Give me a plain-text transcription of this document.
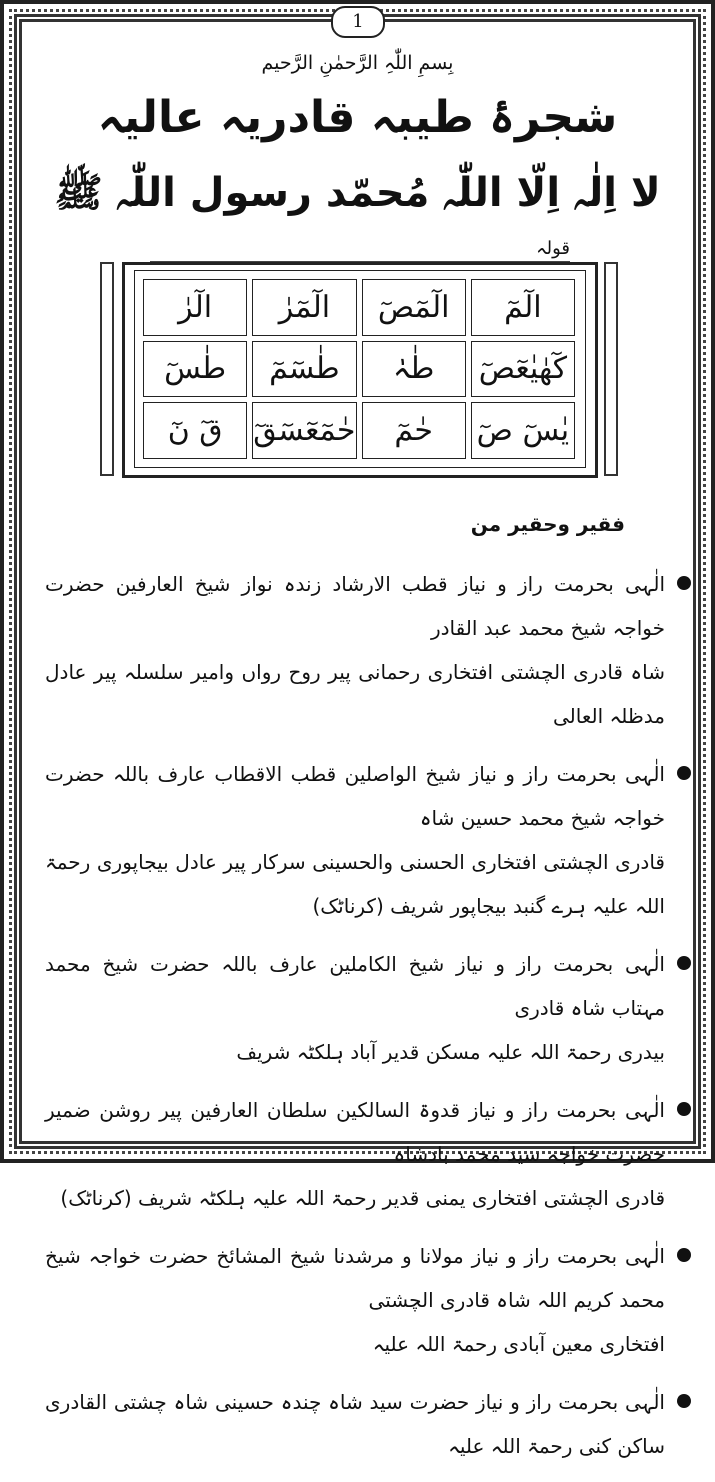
1
بِسمِ اللّٰہِ الرَّحمٰنِ الرَّحیم
شجرۂ طیبہ قادریہ عالیہ
لا اِلٰہ اِلّا اللّٰہ مُحمّد رسول اللّٰہ ﷺ
قولہ
الٓرٰ	الٓمٓرٰ	الٓمٓصٓ	الٓمٓ
طٰسٓ	طٰسٓمٓ	طٰہٰ	کٓھٰیٰعٓصٓ
قٓ نٓ	حٰمٓعٓسٓقٓ	حٰمٓ	یٰسٓ صٓ
فقیر وحقیر من
الٰہی بحرمت راز و نیاز قطب الارشاد زندہ نواز شیخ العارفین حضرت خواجہ شیخ محمد عبد القادر
شاہ قادری الچشتی افتخاری رحمانی پیر روح رواں وامیر سلسلہ پیر عادل مدظلہ العالی
الٰہی بحرمت راز و نیاز شیخ الواصلین قطب الاقطاب عارف باللہ حضرت خواجہ شیخ محمد حسین شاہ
قادری الچشتی افتخاری الحسنی والحسینی سرکار پیر عادل بیجاپوری رحمۃ اللہ علیہ ہرے گنبد بیجاپور شریف (کرناٹک)
الٰہی بحرمت راز و نیاز شیخ الکاملین عارف باللہ حضرت شیخ محمد مہتاب شاہ قادری
بیدری رحمۃ اللہ علیہ مسکن قدیر آباد ہلکٹہ شریف
الٰہی بحرمت راز و نیاز قدوۃ السالکین سلطان العارفین پیر روشن ضمیر حضرت خواجہ سید محمد بادشاہ
قادری الچشتی افتخاری یمنی قدیر رحمۃ اللہ علیہ ہلکٹہ شریف (کرناٹک)
الٰہی بحرمت راز و نیاز مولانا و مرشدنا شیخ المشائخ حضرت خواجہ شیخ محمد کریم اللہ شاہ قادری الچشتی
افتخاری معین آبادی رحمۃ اللہ علیہ
الٰہی بحرمت راز و نیاز حضرت سید شاہ چندہ حسینی شاہ چشتی القادری ساکن کنی رحمۃ اللہ علیہ
